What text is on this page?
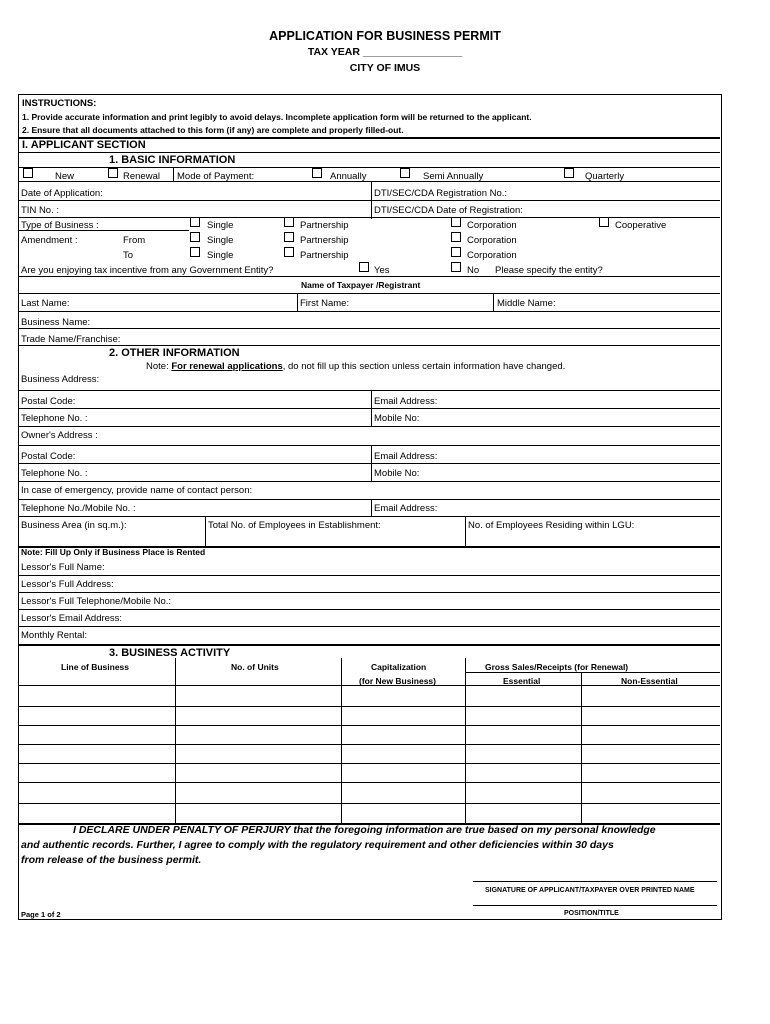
APPLICATION FOR BUSINESS PERMIT
TAX YEAR _________________
CITY OF IMUS
INSTRUCTIONS:
1. Provide accurate information and print legibly to avoid delays. Incomplete application form will be returned to the applicant.
2. Ensure that all documents attached to this form (if any) are complete and properly filled-out.
I. APPLICANT SECTION
1. BASIC INFORMATION
New	Renewal Mode of Payment:	Annually	Semi Annually	Quarterly
Date of Application:	DTI/SEC/CDA Registration No.:
TIN No. :	DTI/SEC/CDA Date of Registration:
Type of Business :	Single	Partnership	Corporation	Cooperative
Amendment :	From	Single	Partnership	Corporation
To	Single	Partnership	Corporation
Are you enjoying tax incentive from any Government Entity?	Yes	No Please specify the entity?
Name of Taxpayer /Registrant
Last Name:	First Name:	Middle Name:
Business Name:
Trade Name/Franchise:
2. OTHER INFORMATION
Note: For renewal applications, do not fill up this section unless certain information have changed.
Business Address:
Postal Code:	Email Address:
Telephone No. :	Mobile No:
Owner's Address :
Postal Code:	Email Address:
Telephone No. :	Mobile No:
In case of emergency, provide name of contact person:
Telephone No./Mobile No. :	Email Address:
Business Area (in sq.m.):	Total No. of Employees in Establishment:	No. of Employees Residing within LGU:
Note: Fill Up Only if Business Place is Rented
Lessor's Full Name:
Lessor's Full Address:
Lessor's Full Telephone/Mobile No.:
Lessor's Email Address:
Monthly Rental:
3. BUSINESS ACTIVITY
Line of Business	No. of Units	Capitalization
(for New Business)
Gross Sales/Receipts (for Renewal)
Essential	Non-Essential
I DECLARE UNDER PENALTY OF PERJURY that the foregoing information are true based on my personal knowledge
and authentic records. Further, I agree to comply with the regulatory requirement and other deficiencies within 30 days
from release of the business permit.
SIGNATURE OF APPLICANT/TAXPAYER OVER PRINTED NAME
POSITION/TITLE
Page 1 of 2
